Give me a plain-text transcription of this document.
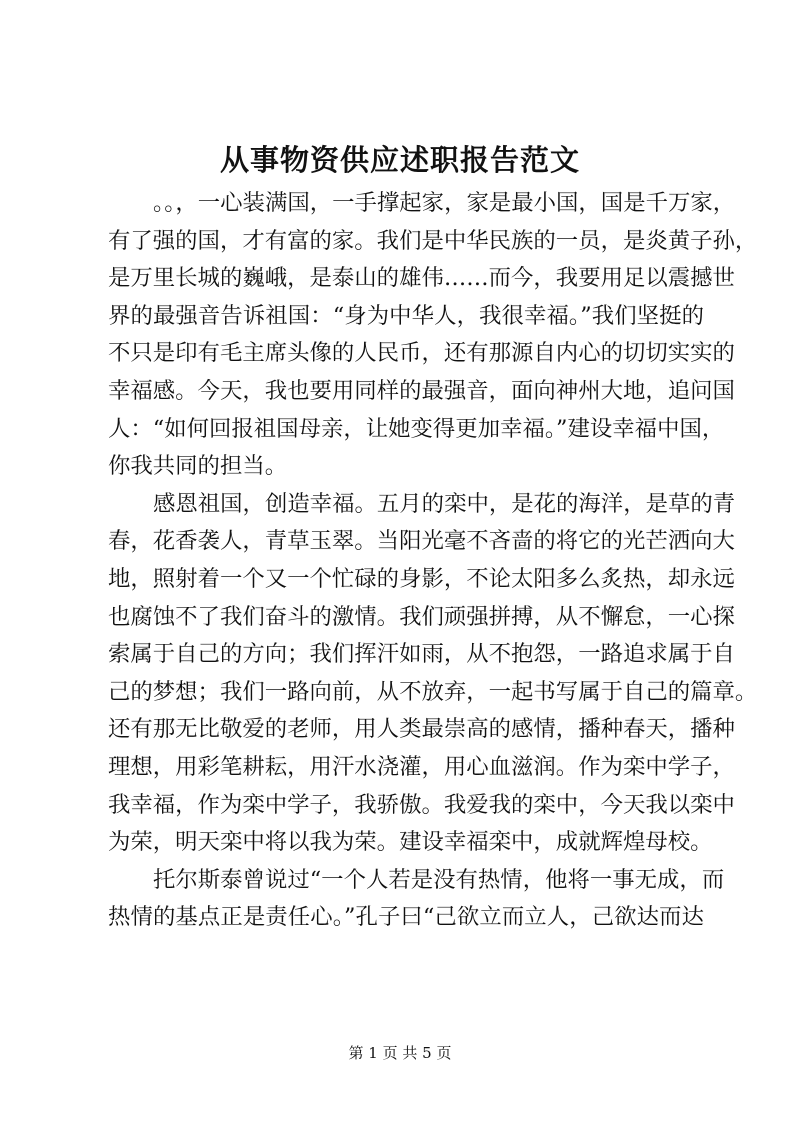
从事物资供应述职报告范文
。。，一心装满国，一手撑起家，家是最小国，国是千万家，
有了强的国，才有富的家。我们是中华民族的一员，是炎黄子孙，
是万里长城的巍峨，是泰山的雄伟……而今，我要用足以震撼世
界的最强音告诉祖国：“身为中华人，我很幸福。”我们坚挺的
不只是印有毛主席头像的人民币，还有那源自内心的切切实实的
幸福感。今天，我也要用同样的最强音，面向神州大地，追问国
人：“如何回报祖国母亲，让她变得更加幸福。”建设幸福中国，
你我共同的担当。
感恩祖国，创造幸福。五月的栾中，是花的海洋，是草的青
春，花香袭人，青草玉翠。当阳光毫不吝啬的将它的光芒洒向大
地，照射着一个又一个忙碌的身影，不论太阳多么炙热，却永远
也腐蚀不了我们奋斗的激情。我们顽强拼搏，从不懈怠，一心探
索属于自己的方向；我们挥汗如雨，从不抱怨，一路追求属于自
己的梦想；我们一路向前，从不放弃，一起书写属于自己的篇章。
还有那无比敬爱的老师，用人类最崇高的感情，播种春天，播种
理想，用彩笔耕耘，用汗水浇灌，用心血滋润。作为栾中学子，
我幸福，作为栾中学子，我骄傲。我爱我的栾中，今天我以栾中
为荣，明天栾中将以我为荣。建设幸福栾中，成就辉煌母校。
托尔斯泰曾说过“一个人若是没有热情，他将一事无成，而
热情的基点正是责任心。”孔子曰“己欲立而立人，己欲达而达
第 1 页 共 5 页
